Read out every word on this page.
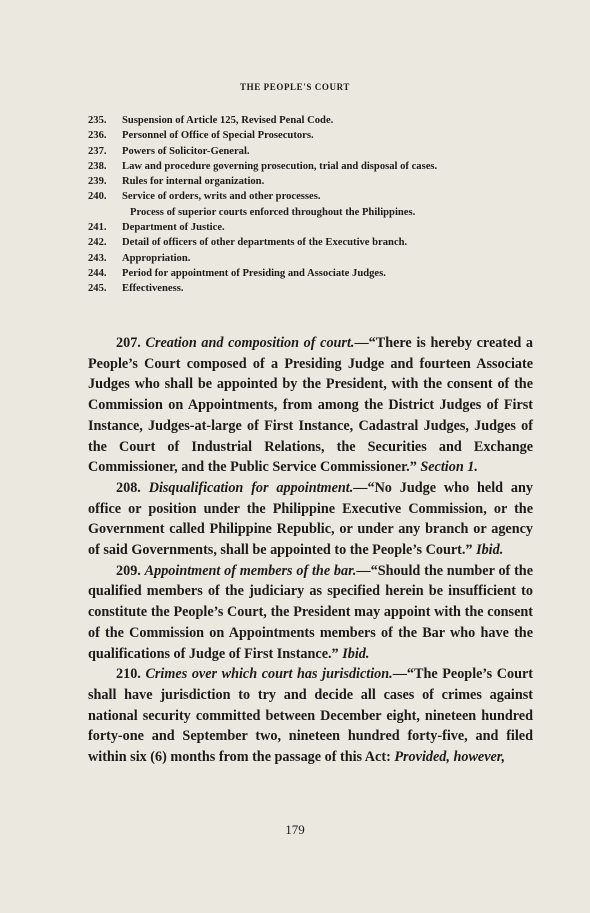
THE PEOPLE'S COURT
235.	Suspension of Article 125, Revised Penal Code.
236.	Personnel of Office of Special Prosecutors.
237.	Powers of Solicitor-General.
238.	Law and procedure governing prosecution, trial and disposal of cases.
239.	Rules for internal organization.
240.	Service of orders, writs and other processes.
Process of superior courts enforced throughout the Philippines.
241.	Department of Justice.
242.	Detail of officers of other departments of the Executive branch.
243.	Appropriation.
244.	Period for appointment of Presiding and Associate Judges.
245.	Effectiveness.

207. Creation and composition of court.—“There is hereby created a People’s Court composed of a Presiding Judge and fourteen Associate Judges who shall be appointed by the President, with the consent of the Commission on Appointments, from among the District Judges of First Instance, Judges-at-large of First Instance, Cadastral Judges, Judges of the Court of Industrial Relations, the Securities and Exchange Commissioner, and the Public Service Commissioner.” Section 1.

208. Disqualification for appointment.—“No Judge who held any office or position under the Philippine Executive Commission, or the Government called Philippine Republic, or under any branch or agency of said Governments, shall be appointed to the People’s Court.” Ibid.

209. Appointment of members of the bar.—“Should the number of the qualified members of the judiciary as specified herein be insufficient to constitute the People’s Court, the President may appoint with the consent of the Commission on Appointments members of the Bar who have the qualifications of Judge of First Instance.” Ibid.

210. Crimes over which court has jurisdiction.—“The People’s Court shall have jurisdiction to try and decide all cases of crimes against national security committed between December eight, nineteen hundred forty-one and September two, nineteen hundred forty-five, and filed within six (6) months from the passage of this Act: Provided, however,

179
